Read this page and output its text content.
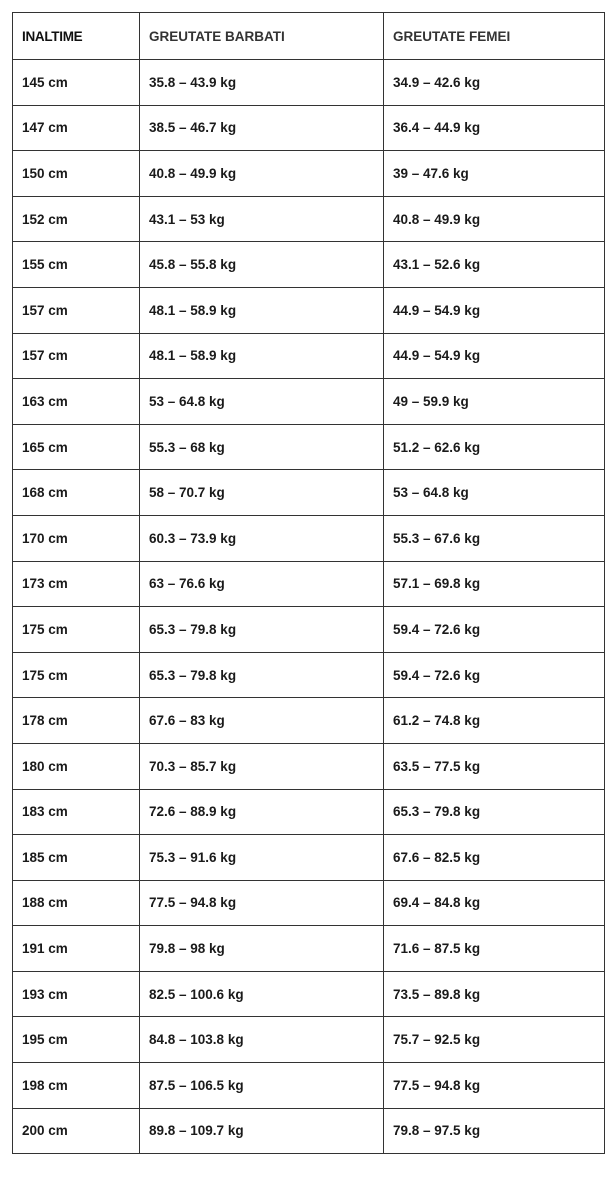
INALTIME	GREUTATE BARBATI	GREUTATE FEMEI
145 cm	35.8 – 43.9 kg	34.9 – 42.6 kg
147 cm	38.5 – 46.7 kg	36.4 – 44.9 kg
150 cm	40.8 – 49.9 kg	39 – 47.6 kg
152 cm	43.1 – 53 kg	40.8 – 49.9 kg
155 cm	45.8 – 55.8 kg	43.1 – 52.6 kg
157 cm	48.1 – 58.9 kg	44.9 – 54.9 kg
157 cm	48.1 – 58.9 kg	44.9 – 54.9 kg
163 cm	53 – 64.8 kg	49 – 59.9 kg
165 cm	55.3 – 68 kg	51.2 – 62.6 kg
168 cm	58 – 70.7 kg	53 – 64.8 kg
170 cm	60.3 – 73.9 kg	55.3 – 67.6 kg
173 cm	63 – 76.6 kg	57.1 – 69.8 kg
175 cm	65.3 – 79.8 kg	59.4 – 72.6 kg
175 cm	65.3 – 79.8 kg	59.4 – 72.6 kg
178 cm	67.6 – 83 kg	61.2 – 74.8 kg
180 cm	70.3 – 85.7 kg	63.5 – 77.5 kg
183 cm	72.6 – 88.9 kg	65.3 – 79.8 kg
185 cm	75.3 – 91.6 kg	67.6 – 82.5 kg
188 cm	77.5 – 94.8 kg	69.4 – 84.8 kg
191 cm	79.8 – 98 kg	71.6 – 87.5 kg
193 cm	82.5 – 100.6 kg	73.5 – 89.8 kg
195 cm	84.8 – 103.8 kg	75.7 – 92.5 kg
198 cm	87.5 – 106.5 kg	77.5 – 94.8 kg
200 cm	89.8 – 109.7 kg	79.8 – 97.5 kg
